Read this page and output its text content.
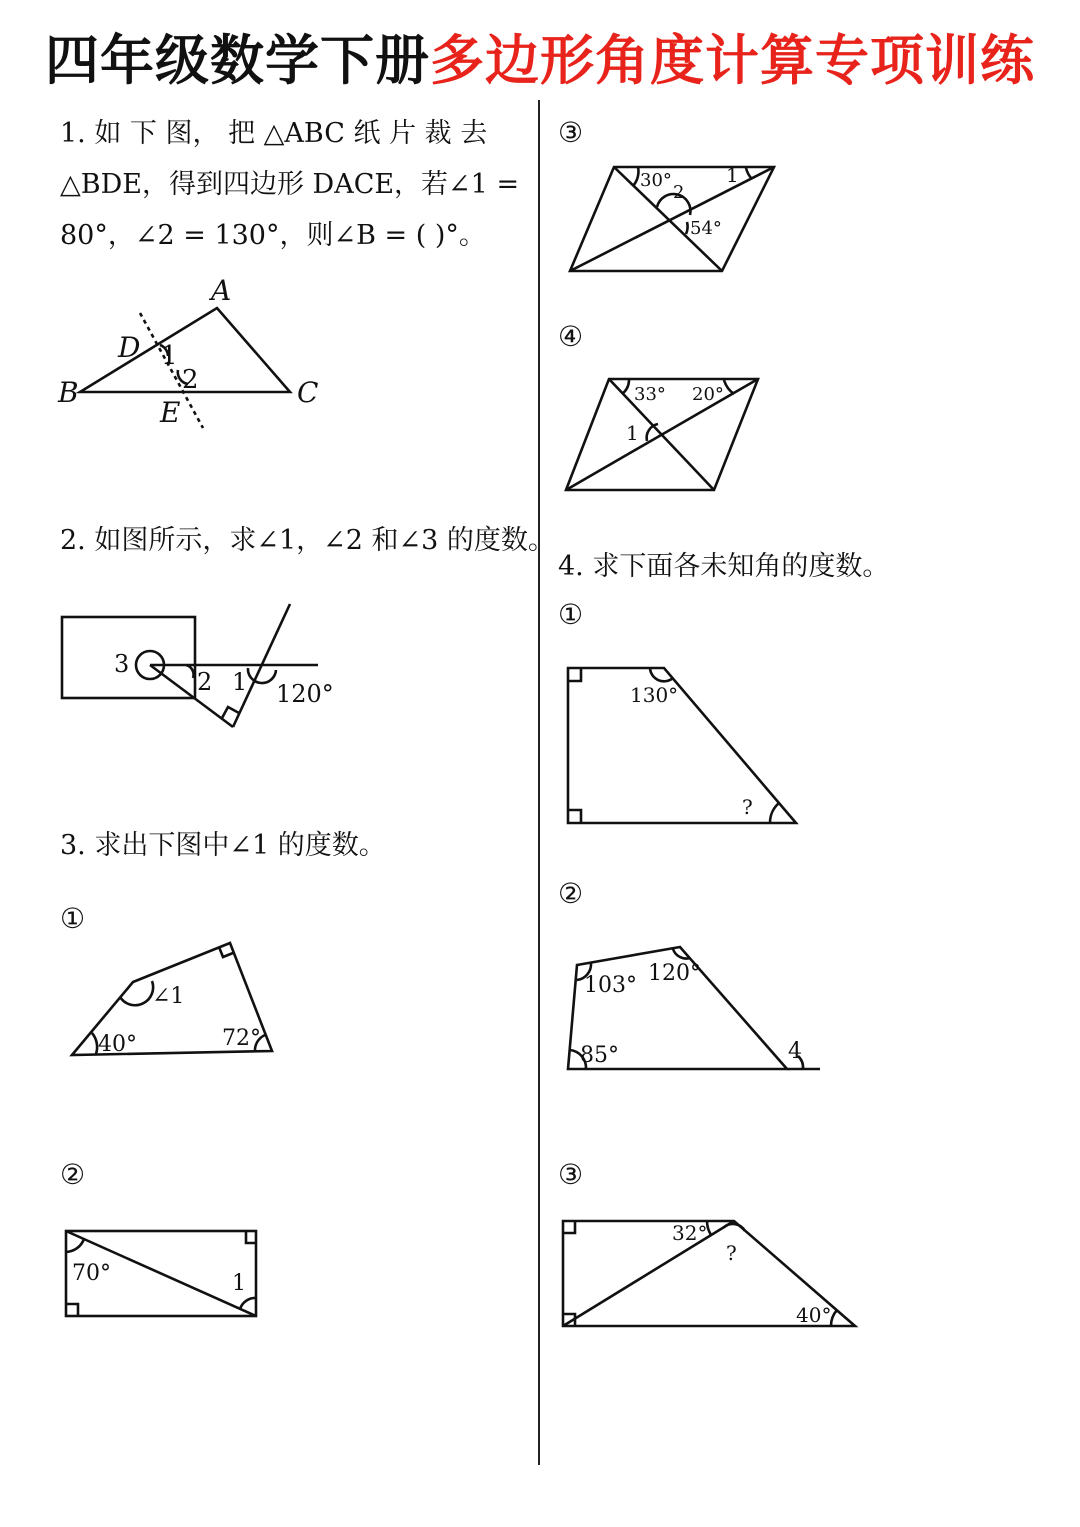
四年级数学下册多边形角度计算专项训练
1. 如 下 图， 把 △ABC 纸 片 裁 去
△BDE，得到四边形 DACE，若∠1 =
80°，∠2 = 130°，则∠B = ( )°。
A
B	C
D
E
1
2
2. 如图所示，求∠1，∠2 和∠3 的度数。
3
2 1 120°
3. 求出下图中∠1 的度数。
①
∠1
40°	72°
②
70°	1
③
30°
2
1
54°
④
33° 20°
1
4. 求下面各未知角的度数。
①
130°
?
②
103° 120°
85°	4
③
32°
?
40°
